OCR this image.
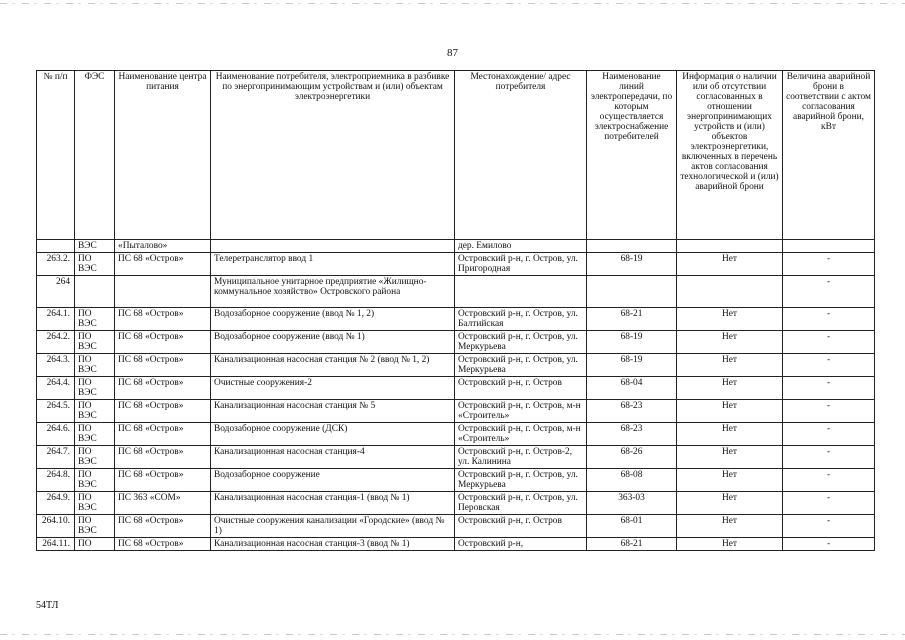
87
№ п/п	ФЭС	Наименование центра питания	Наименование потребителя, электроприемника в разбивке по энергопринимающим устройствам и (или) объектам электроэнергетики	Местонахождение/ адрес потребителя	Наименование линий электропередачи, по которым осуществляется электроснабжение потребителей	Информация о наличии или об отсутствии согласованных в отношении энергопринимающих устройств и (или) объектов электроэнергетики, включенных в перечень актов согласования технологической и (или) аварийной брони	Величина аварийной брони в соответствии с актом согласования аварийной брони, кВт
	ВЭС	«Пыталово»		дер. Емилово			
263.2.	ПО ВЭС	ПС 68 «Остров»	Телеретранслятор ввод 1	Островский р-н, г. Остров, ул. Пригородная	68-19	Нет	-
264			Муниципальное унитарное предприятие «Жилищно-коммунальное хозяйство» Островского района				-
264.1.	ПО ВЭС	ПС 68 «Остров»	Водозаборное сооружение (ввод № 1, 2)	Островский р-н, г. Остров, ул. Балтийская	68-21	Нет	-
264.2.	ПО ВЭС	ПС 68 «Остров»	Водозаборное сооружение (ввод № 1)	Островский р-н, г. Остров, ул. Меркурьева	68-19	Нет	-
264.3.	ПО ВЭС	ПС 68 «Остров»	Канализационная насосная станция № 2 (ввод № 1, 2)	Островский р-н, г. Остров, ул. Меркурьева	68-19	Нет	-
264.4.	ПО ВЭС	ПС 68 «Остров»	Очистные сооружения-2	Островский р-н, г. Остров	68-04	Нет	-
264.5.	ПО ВЭС	ПС 68 «Остров»	Канализационная насосная станция № 5	Островский р-н, г. Остров, м-н «Строитель»	68-23	Нет	-
264.6.	ПО ВЭС	ПС 68 «Остров»	Водозаборное сооружение (ДСК)	Островский р-н, г. Остров, м-н «Строитель»	68-23	Нет	-
264.7.	ПО ВЭС	ПС 68 «Остров»	Канализационная насосная станция-4	Островский р-н, г. Остров-2, ул. Калинина	68-26	Нет	-
264.8.	ПО ВЭС	ПС 68 «Остров»	Водозаборное сооружение	Островский р-н, г. Остров, ул. Меркурьева	68-08	Нет	-
264.9.	ПО ВЭС	ПС 363 «СОМ»	Канализационная насосная станция-1 (ввод № 1)	Островский р-н, г. Остров, ул. Перовская	363-03	Нет	-
264.10.	ПО ВЭС	ПС 68 «Остров»	Очистные сооружения канализации «Городские» (ввод № 1)	Островский р-н, г. Остров	68-01	Нет	-
264.11.	ПО	ПС 68 «Остров»	Канализационная насосная станция-3 (ввод № 1)	Островский р-н,	68-21	Нет	-
54ТЛ
